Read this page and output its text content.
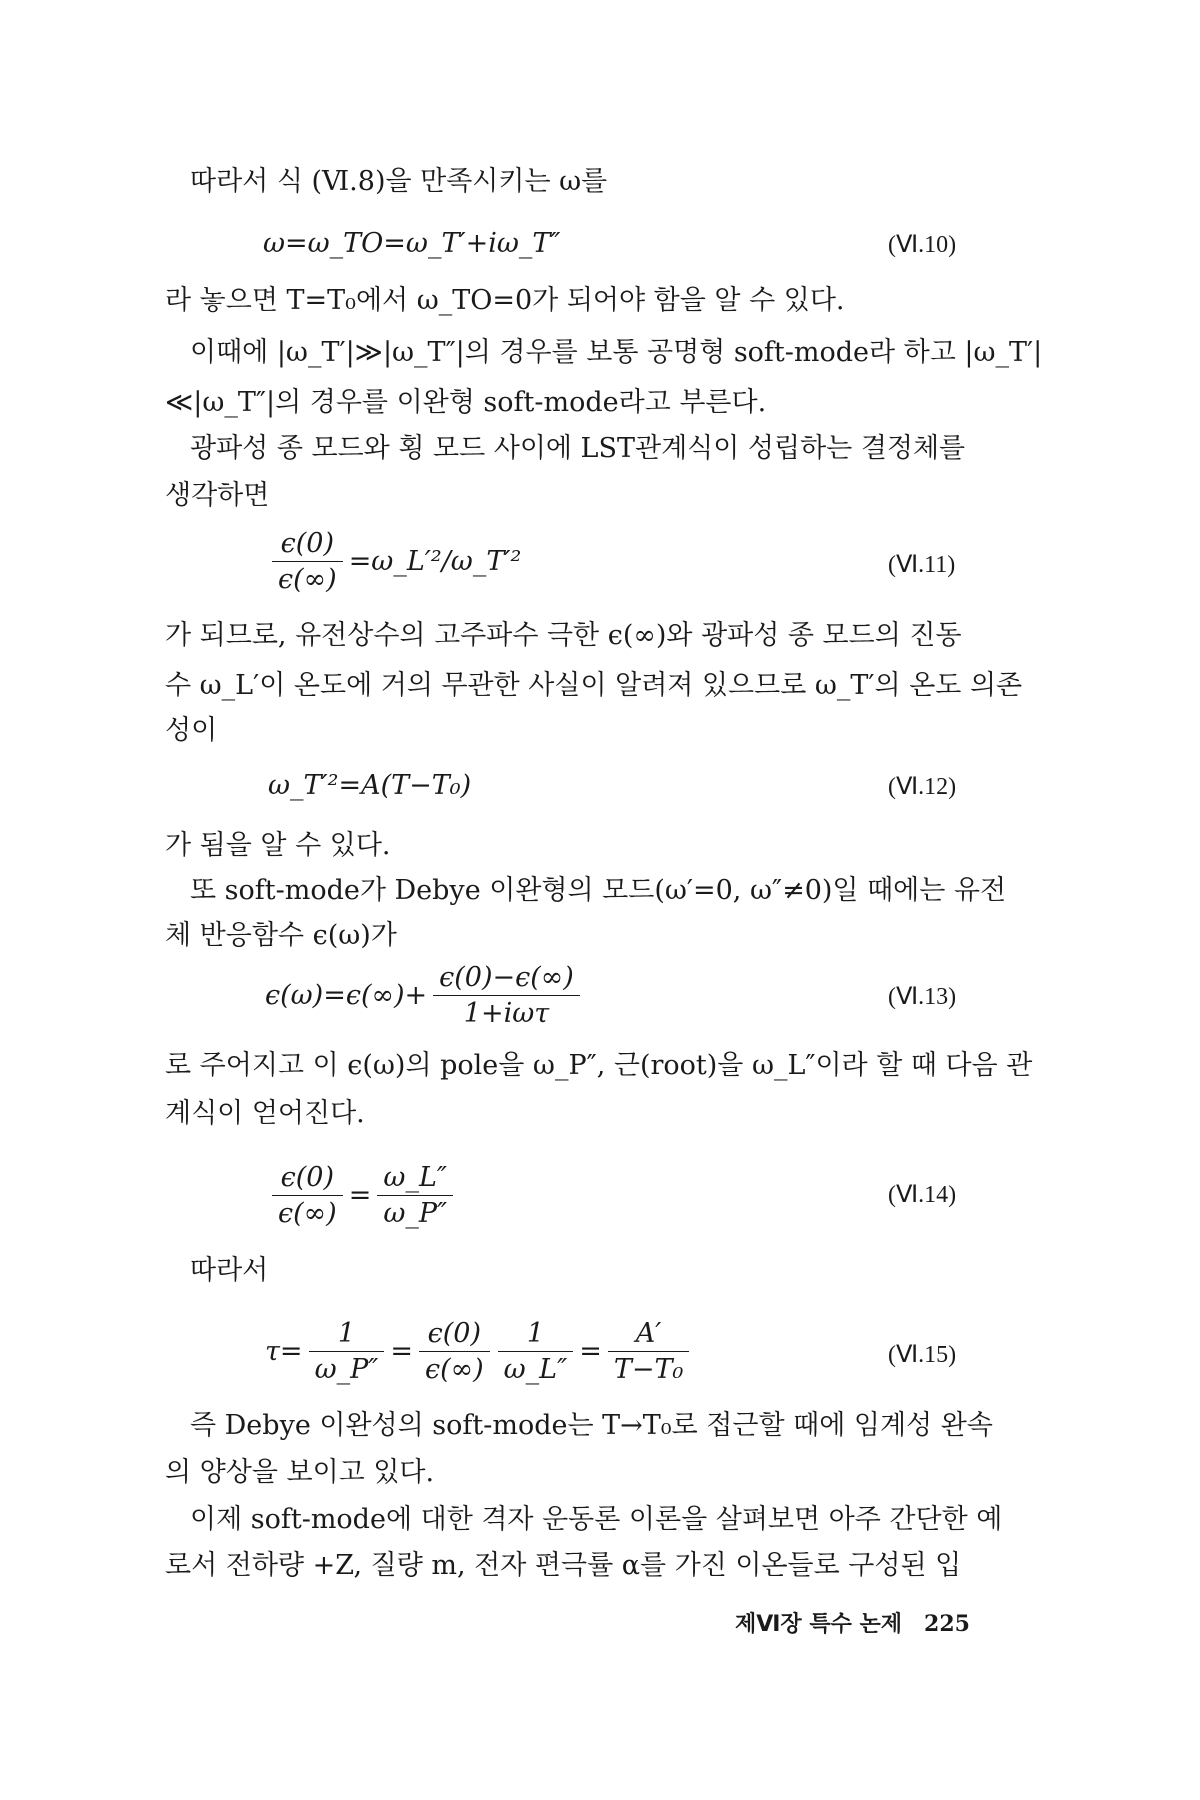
따라서 식 (Ⅵ.8)을 만족시키는 ω를
ω=ω_TO=ω_T′+iω_T″	(Ⅵ.10)
라 놓으면 T=T₀에서 ω_TO=0가 되어야 함을 알 수 있다.
이때에 |ω_T′|≫|ω_T″|의 경우를 보통 공명형 soft-mode라 하고 |ω_T′|
≪|ω_T″|의 경우를 이완형 soft-mode라고 부른다.
광파성 종 모드와 횡 모드 사이에 LST관계식이 성립하는 결정체를
생각하면
$\frac{\epsilon(0)}{\epsilon(\infty)}$ =ω_L′²/ω_T′²	(Ⅵ.11)
가 되므로, 유전상수의 고주파수 극한 ϵ(∞)와 광파성 종 모드의 진동
수 ω_L′이 온도에 거의 무관한 사실이 알려져 있으므로 ω_T′의 온도 의존
성이
ω_T′²=A(T−T₀)	(Ⅵ.12)
가 됨을 알 수 있다.
또 soft-mode가 Debye 이완형의 모드(ω′=0, ω″≠0)일 때에는 유전
체 반응함수 ϵ(ω)가
$\epsilon(\omega)=\epsilon(\infty)+ \frac{\epsilon(0)-\epsilon(\infty)}{\text{1+iωτ}}$	(Ⅵ.13)
로 주어지고 이 ϵ(ω)의 pole을 ω_P″, 근(root)을 ω_L″이라 할 때 다음 관
계식이 얻어진다.
$\frac{\epsilon(0)}{\epsilon(\infty)} = \frac{\omega\_L''}{\omega\_P''}$	(Ⅵ.14)
따라서
$\tau= \frac{1}{\omega\_P''} = \frac{\epsilon(0)}{\epsilon(\infty)} \frac{1}{\omega\_L''} = \frac{A'}{\text{T−T₀}}$	(Ⅵ.15)
즉 Debye 이완성의 soft-mode는 T→T₀로 접근할 때에 임계성 완속
의 양상을 보이고 있다.
이제 soft-mode에 대한 격자 운동론 이론을 살펴보면 아주 간단한 예
로서 전하량 +Z, 질량 m, 전자 편극률 α를 가진 이온들로 구성된 입
제Ⅵ장 특수 논제 225
